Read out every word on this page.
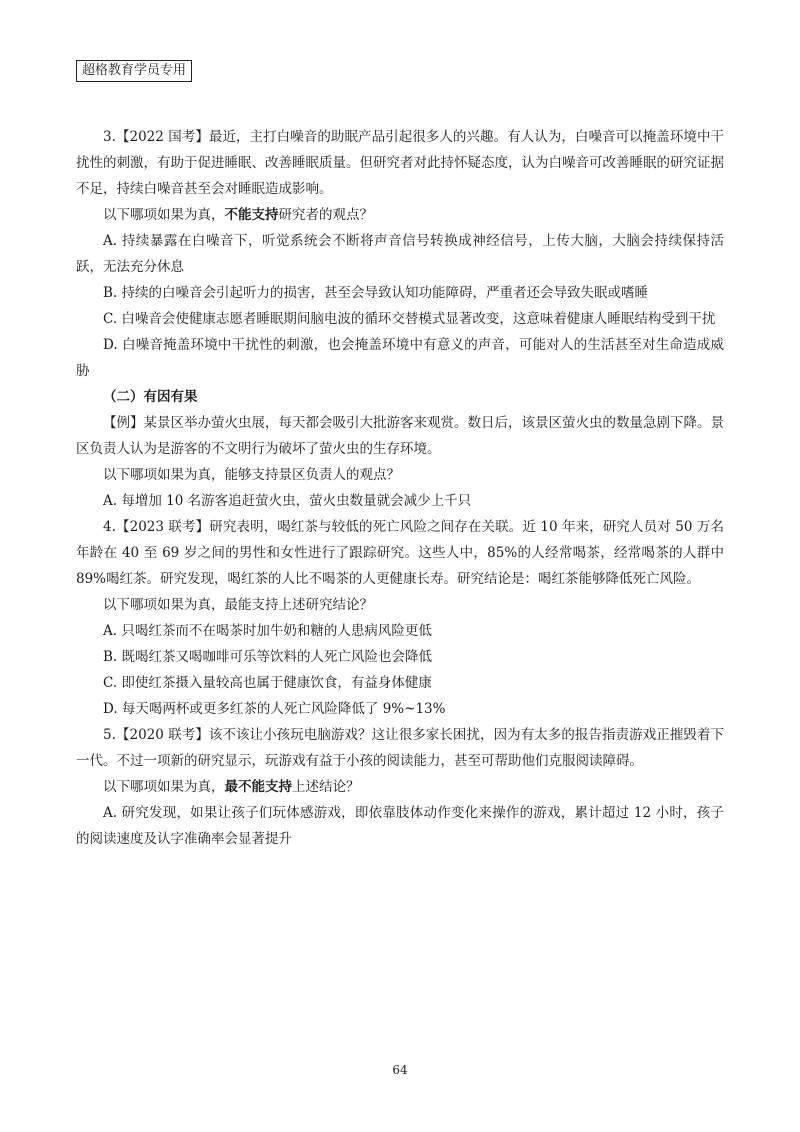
超格教育学员专用

3.【2022 国考】最近，主打白噪音的助眠产品引起很多人的兴趣。有人认为，白噪音可以掩盖环境中干扰性的刺激，有助于促进睡眠、改善睡眠质量。但研究者对此持怀疑态度，认为白噪音可改善睡眠的研究证据不足，持续白噪音甚至会对睡眠造成影响。

以下哪项如果为真，不能支持研究者的观点？

A. 持续暴露在白噪音下，听觉系统会不断将声音信号转换成神经信号，上传大脑，大脑会持续保持活跃，无法充分休息

B. 持续的白噪音会引起听力的损害，甚至会导致认知功能障碍，严重者还会导致失眠或嗜睡

C. 白噪音会使健康志愿者睡眠期间脑电波的循环交替模式显著改变，这意味着健康人睡眠结构受到干扰

D. 白噪音掩盖环境中干扰性的刺激，也会掩盖环境中有意义的声音，可能对人的生活甚至对生命造成威胁

（二）有因有果

【例】某景区举办萤火虫展，每天都会吸引大批游客来观赏。数日后，该景区萤火虫的数量急剧下降。景区负责人认为是游客的不文明行为破坏了萤火虫的生存环境。

以下哪项如果为真，能够支持景区负责人的观点？

A. 每增加 10 名游客追赶萤火虫，萤火虫数量就会减少上千只

4.【2023 联考】研究表明，喝红茶与较低的死亡风险之间存在关联。近 10 年来，研究人员对 50 万名年龄在 40 至 69 岁之间的男性和女性进行了跟踪研究。这些人中，85%的人经常喝茶，经常喝茶的人群中 89%喝红茶。研究发现，喝红茶的人比不喝茶的人更健康长寿。研究结论是：喝红茶能够降低死亡风险。

以下哪项如果为真，最能支持上述研究结论？

A. 只喝红茶而不在喝茶时加牛奶和糖的人患病风险更低

B. 既喝红茶又喝咖啡可乐等饮料的人死亡风险也会降低

C. 即使红茶摄入量较高也属于健康饮食，有益身体健康

D. 每天喝两杯或更多红茶的人死亡风险降低了 9%~13%

5.【2020 联考】该不该让小孩玩电脑游戏？这让很多家长困扰，因为有太多的报告指责游戏正摧毁着下一代。不过一项新的研究显示，玩游戏有益于小孩的阅读能力，甚至可帮助他们克服阅读障碍。

以下哪项如果为真，最不能支持上述结论？

A. 研究发现，如果让孩子们玩体感游戏，即依靠肢体动作变化来操作的游戏，累计超过 12 小时，孩子的阅读速度及认字准确率会显著提升

64
